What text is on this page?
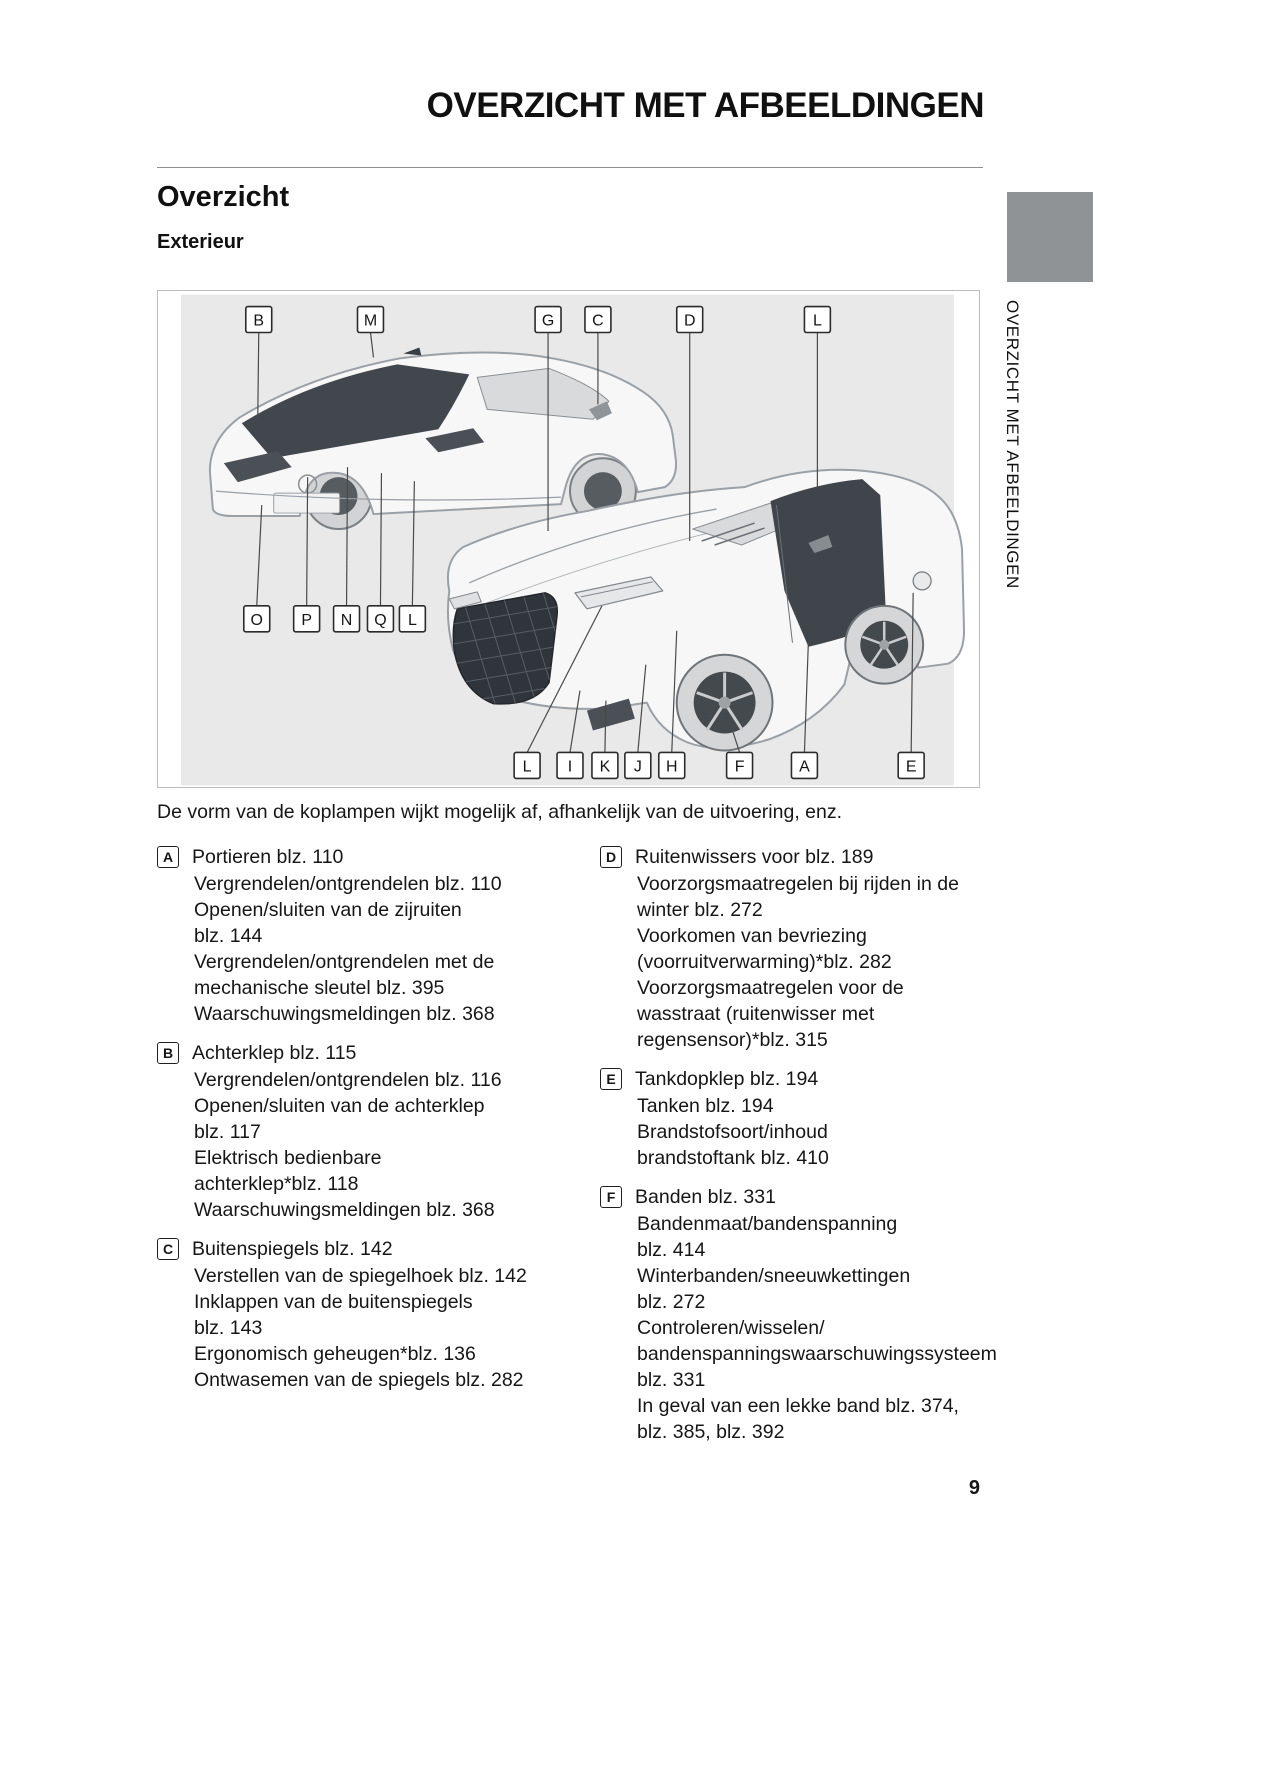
OVERZICHT MET AFBEELDINGEN
Overzicht
Exterieur
OVERZICHT MET AFBEELDINGEN
B	M	G C	D	L
O P N Q L
L I K J H	F	A	E

De vorm van de koplampen wijkt mogelijk af, afhankelijk van de uitvoering, enz.

A Portieren blz. 110
Vergrendelen/ontgrendelen blz. 110
Openen/sluiten van de zijruiten
blz. 144
Vergrendelen/ontgrendelen met de
mechanische sleutel blz. 395
Waarschuwingsmeldingen blz. 368
B Achterklep blz. 115
Vergrendelen/ontgrendelen blz. 116
Openen/sluiten van de achterklep
blz. 117
Elektrisch bedienbare
achterklep*blz. 118
Waarschuwingsmeldingen blz. 368
C Buitenspiegels blz. 142
Verstellen van de spiegelhoek blz. 142
Inklappen van de buitenspiegels
blz. 143
Ergonomisch geheugen*blz. 136
Ontwasemen van de spiegels blz. 282
D Ruitenwissers voor blz. 189
Voorzorgsmaatregelen bij rijden in de
winter blz. 272
Voorkomen van bevriezing
(voorruitverwarming)*blz. 282
Voorzorgsmaatregelen voor de
wasstraat (ruitenwisser met
regensensor)*blz. 315
E Tankdopklep blz. 194
Tanken blz. 194
Brandstofsoort/inhoud
brandstoftank blz. 410
F	Banden blz. 331
Bandenmaat/bandenspanning
blz. 414
Winterbanden/sneeuwkettingen
blz. 272
Controleren/wisselen/
bandenspanningswaarschuwingssysteem
blz. 331
In geval van een lekke band blz. 374,
blz. 385, blz. 392
9
